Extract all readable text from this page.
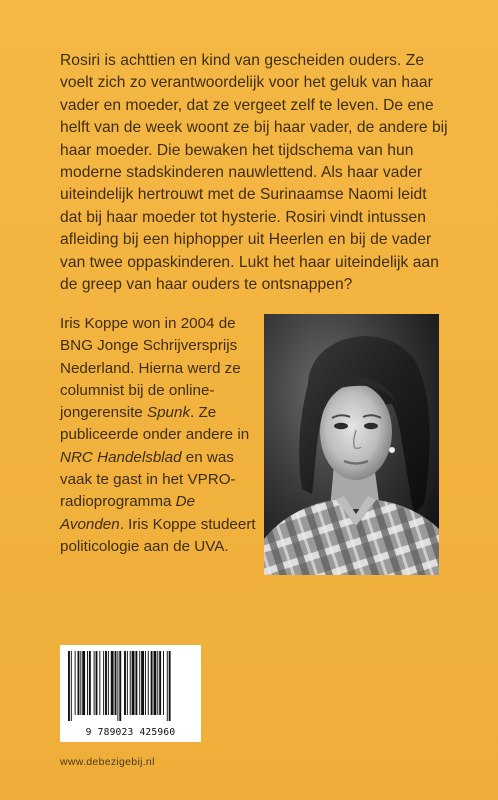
Rosiri is achttien en kind van gescheiden ouders. Ze voelt zich zo verantwoordelijk voor het geluk van haar vader en moeder, dat ze vergeet zelf te leven. De ene helft van de week woont ze bij haar vader, de andere bij haar moeder. Die bewaken het tijdschema van hun moderne stadskinderen nauwlettend. Als haar vader uiteindelijk hertrouwt met de Surinaamse Naomi leidt dat bij haar moeder tot hysterie. Rosiri vindt intussen afleiding bij een hiphopper uit Heerlen en bij de vader van twee oppaskinderen. Lukt het haar uiteindelijk aan de greep van haar ouders te ontsnappen?

Iris Koppe won in 2004 de BNG Jonge Schrijversprijs Nederland. Hierna werd ze columnist bij de online-jongerensite Spunk. Ze publiceerde onder andere in NRC Handelsblad en was vaak te gast in het VPRO-radioprogramma De Avonden. Iris Koppe studeert politicologie aan de UVA.

9 789023 425960
www.debezigebij.nl
